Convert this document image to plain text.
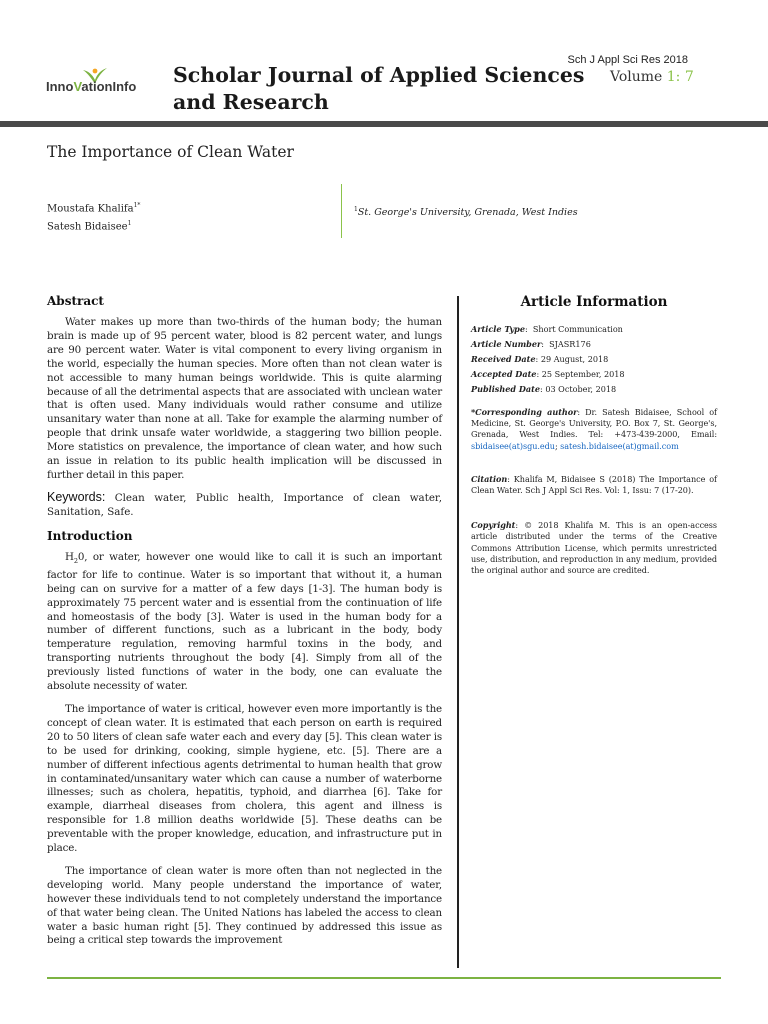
Sch J Appl Sci Res 2018
InnoVationInfo Scholar Journal of Applied Sciences and Research
Volume 1: 7
The Importance of Clean Water
Moustafa Khalifa$^{1*}$
Satesh Bidaisee$^1$
$^1$St. George's University, Grenada, West Indies
Abstract

Water makes up more than two-thirds of the human body; the human brain is made up of 95 percent water, blood is 82 percent water, and lungs are 90 percent water. Water is vital component to every living organism in the world, especially the human species. More often than not clean water is not accessible to many human beings worldwide. This is quite alarming because of all the detrimental aspects that are associated with unclean water that is often used. Many individuals would rather consume and utilize unsanitary water than none at all. Take for example the alarming number of people that drink unsafe water worldwide, a staggering two billion people. More statistics on prevalence, the importance of clean water, and how such an issue in relation to its public health implication will be discussed in further detail in this paper.

Keywords: Clean water, Public health, Importance of clean water, Sanitation, Safe.

Introduction

$H_20$, or water, however one would like to call it is such an important factor for life to continue. Water is so important that without it, a human being can on survive for a matter of a few days [1-3]. The human body is approximately 75 percent water and is essential from the continuation of life and homeostasis of the body [3]. Water is used in the human body for a number of different functions, such as a lubricant in the body, body temperature regulation, removing harmful toxins in the body, and transporting nutrients throughout the body [4]. Simply from all of the previously listed functions of water in the body, one can evaluate the absolute necessity of water.

The importance of water is critical, however even more importantly is the concept of clean water. It is estimated that each person on earth is required 20 to 50 liters of clean safe water each and every day [5]. This clean water is to be used for drinking, cooking, simple hygiene, etc. [5]. There are a number of different infectious agents detrimental to human health that grow in contaminated/unsanitary water which can cause a number of waterborne illnesses; such as cholera, hepatitis, typhoid, and diarrhea [6]. Take for example, diarrheal diseases from cholera, this agent and illness is responsible for 1.8 million deaths worldwide [5]. These deaths can be preventable with the proper knowledge, education, and infrastructure put in place.

The importance of clean water is more often than not neglected in the developing world. Many people understand the importance of water, however these individuals tend to not completely understand the importance of that water being clean. The United Nations has labeled the access to clean water a basic human right [5]. They continued by addressed this issue as being a critical step towards the improvement

Article Information
Article Type:  Short Communication
Article Number:  SJASR176
Received Date: 29 August, 2018
Accepted Date: 25 September, 2018
Published Date: 03 October, 2018

*Corresponding author: Dr. Satesh Bidaisee, School of Medicine, St. George's University, P.O. Box 7, St. George's, Grenada, West Indies. Tel: +473-439-2000, Email: sbidaisee(at)sgu.edu; satesh.bidaisee(at)gmail.com

Citation: Khalifa M, Bidaisee S (2018) The Importance of Clean Water. Sch J Appl Sci Res. Vol: 1, Issu: 7 (17-20).

Copyright: © 2018 Khalifa M. This is an open-access article distributed under the terms of the Creative Commons Attribution License, which permits unrestricted use, distribution, and reproduction in any medium, provided the original author and source are credited.
